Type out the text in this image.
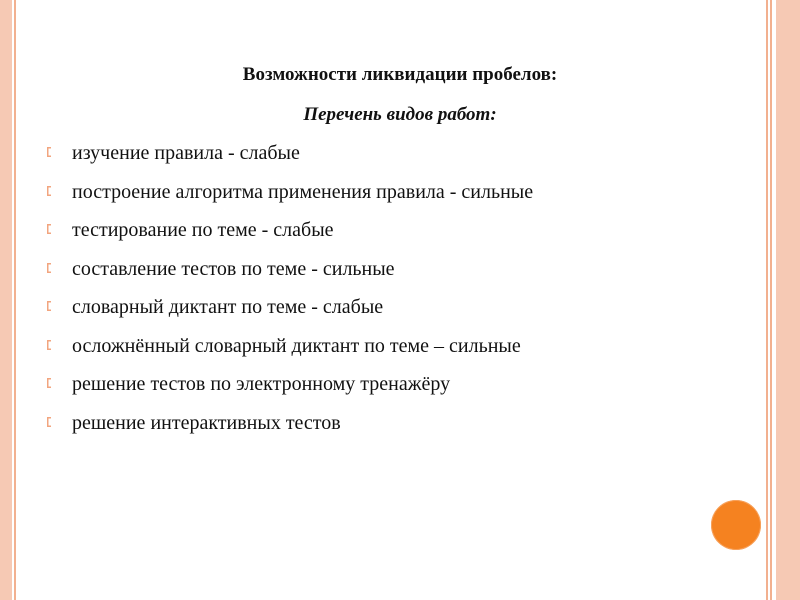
Возможности ликвидации пробелов:
Перечень видов работ:
изучение правила - слабые
построение алгоритма применения правила - сильные
тестирование по теме - слабые
составление тестов по теме - сильные
словарный диктант по теме - слабые
осложнённый словарный диктант по теме – сильные
решение тестов по электронному тренажёру
решение интерактивных тестов
